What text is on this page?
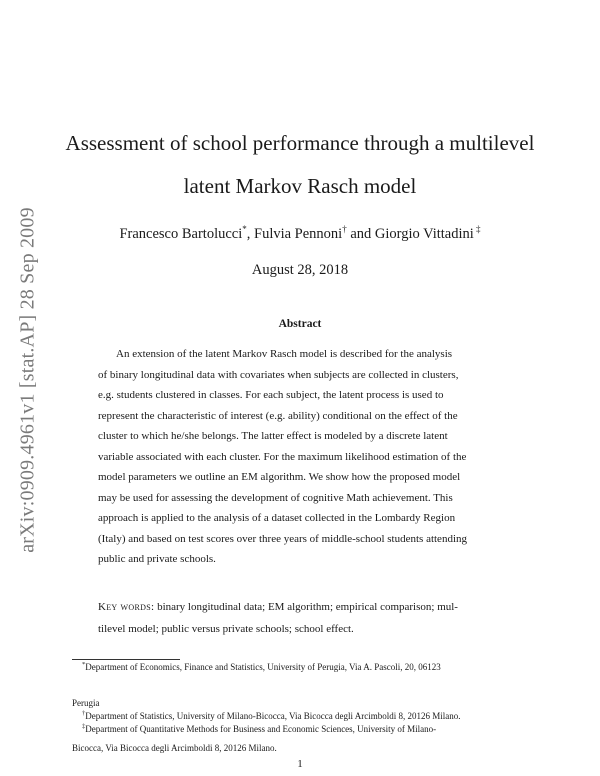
arXiv:0909.4961v1 [stat.AP] 28 Sep 2009
Assessment of school performance through a multilevel
latent Markov Rasch model
Francesco Bartolucci*, Fulvia Pennoni† and Giorgio Vittadini ‡
August 28, 2018
Abstract
An extension of the latent Markov Rasch model is described for the analysis
of binary longitudinal data with covariates when subjects are collected in clusters,
e.g. students clustered in classes. For each subject, the latent process is used to
represent the characteristic of interest (e.g. ability) conditional on the effect of the
cluster to which he/she belongs. The latter effect is modeled by a discrete latent
variable associated with each cluster. For the maximum likelihood estimation of the
model parameters we outline an EM algorithm. We show how the proposed model
may be used for assessing the development of cognitive Math achievement. This
approach is applied to the analysis of a dataset collected in the Lombardy Region
(Italy) and based on test scores over three years of middle-school students attending
public and private schools.
Key words: binary longitudinal data; EM algorithm; empirical comparison; mul-
tilevel model; public versus private schools; school effect.
*Department of Economics, Finance and Statistics, University of Perugia, Via A. Pascoli, 20, 06123
Perugia
†Department of Statistics, University of Milano-Bicocca, Via Bicocca degli Arcimboldi 8, 20126 Milano.
‡Department of Quantitative Methods for Business and Economic Sciences, University of Milano-
Bicocca, Via Bicocca degli Arcimboldi 8, 20126 Milano.
1
